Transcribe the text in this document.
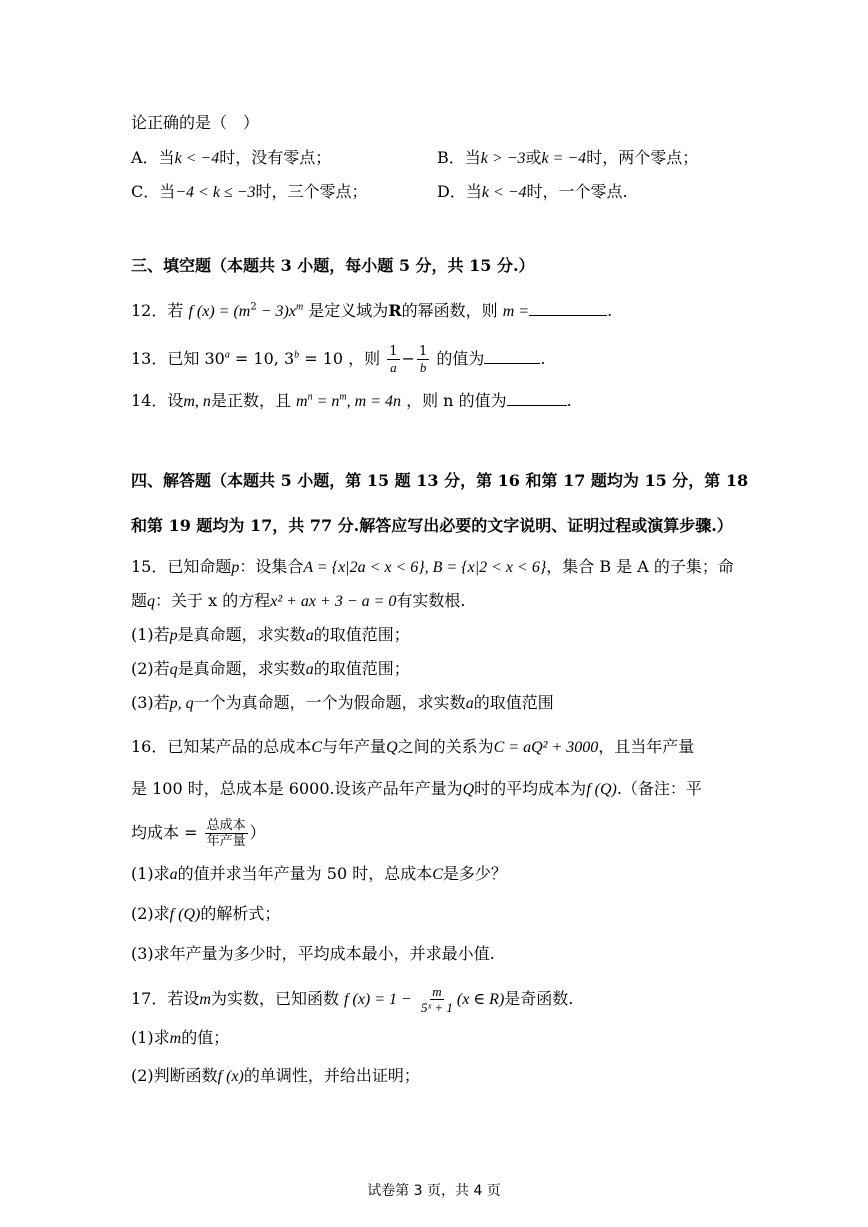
论正确的是（　）
A．当k < −4时，没有零点；	B．当k > −3或k = −4时，两个零点；
C．当−4 < k ≤ −3时，三个零点；	D．当k < −4时，一个零点.
三、填空题（本题共 3 小题，每小题 5 分，共 15 分.）
12．若 f $(x) = (m^2 - 3)x^m$ 是定义域为R的幂函数，则 m =	.
13．已知 $30^a = 10$, $3^b = 10$ ，则 $\frac{1}{a} - \frac{1}{b}$ 的值为	.
14．设m, n是正数，且 $m^n = n^m$, m = 4n ，则 n 的值为	.
四、解答题（本题共 5 小题，第 15 题 13 分，第 16 和第 17 题均为 15 分，第 18
和第 19 题均为 17，共 77 分.解答应写出必要的文字说明、证明过程或演算步骤.）
15．已知命题p：设集合A = {x|2a < x < 6}, B = {x|2 < x < 6}，集合 B 是 A 的子集；命
题q：关于 x 的方程x² + ax + 3 − a = 0有实数根.
(1)若p是真命题，求实数a的取值范围；
(2)若q是真命题，求实数a的取值范围；
(3)若p, q一个为真命题，一个为假命题，求实数a的取值范围
16．已知某产品的总成本C与年产量Q之间的关系为C = aQ² + 3000，且当年产量
是 100 时，总成本是 6000.设该产品年产量为Q时的平均成本为f (Q).（备注：平
均成本 = $\frac{\text{总成本}}{\text{年产量}}$ ）
(1)求a的值并求当年产量为 50 时，总成本C是多少？
(2)求f (Q)的解析式；
(3)求年产量为多少时，平均成本最小，并求最小值.
17．若设m为实数，已知函数 f $(x) = 1 - \frac{m}{\text{5ˣ + 1}} (x$ ∈ R)是奇函数.
(1)求m的值；
(2)判断函数f (x)的单调性，并给出证明；
试卷第 3 页，共 4 页
